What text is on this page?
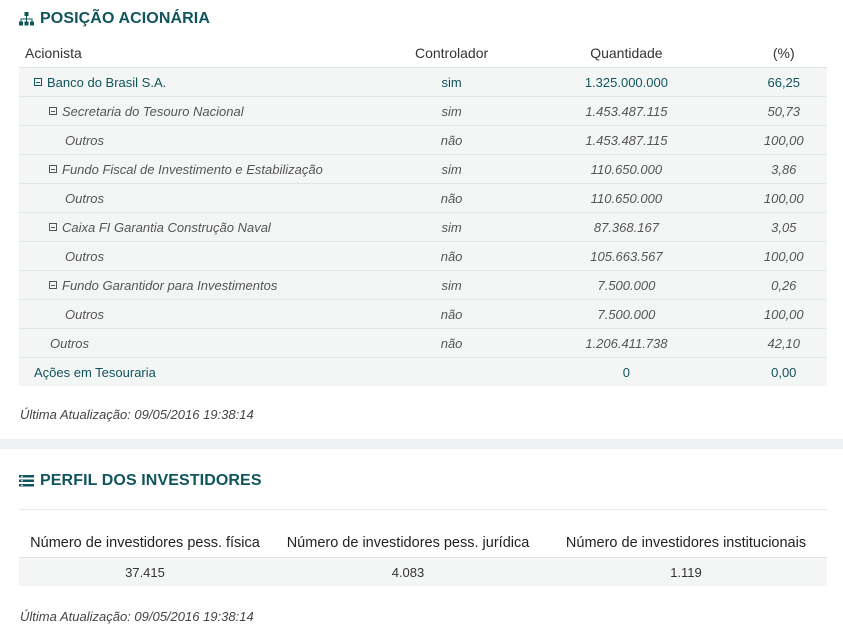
POSIÇÃO ACIONÁRIA
Acionista	Controlador	Quantidade	(%)

Banco do Brasil S.A.	sim	1.325.000.000	66,25

Secretaria do Tesouro Nacional	sim	1.453.487.115	50,73

Outros	não	1.453.487.115	100,00

Fundo Fiscal de Investimento e Estabilização	sim	110.650.000	3,86

Outros	não	110.650.000	100,00

Caixa FI Garantia Construção Naval	sim	87.368.167	3,05

Outros	não	105.663.567	100,00

Fundo Garantidor para Investimentos	sim	7.500.000	0,26

Outros	não	7.500.000	100,00

Outros	não	1.206.411.738	42,10

Ações em Tesouraria		0	0,00
Última Atualização: 09/05/2016 19:38:14
PERFIL DOS INVESTIDORES
Número de investidores pess. física	Número de investidores pess. jurídica	Número de investidores institucionais
37.415	4.083	1.119
Última Atualização: 09/05/2016 19:38:14
